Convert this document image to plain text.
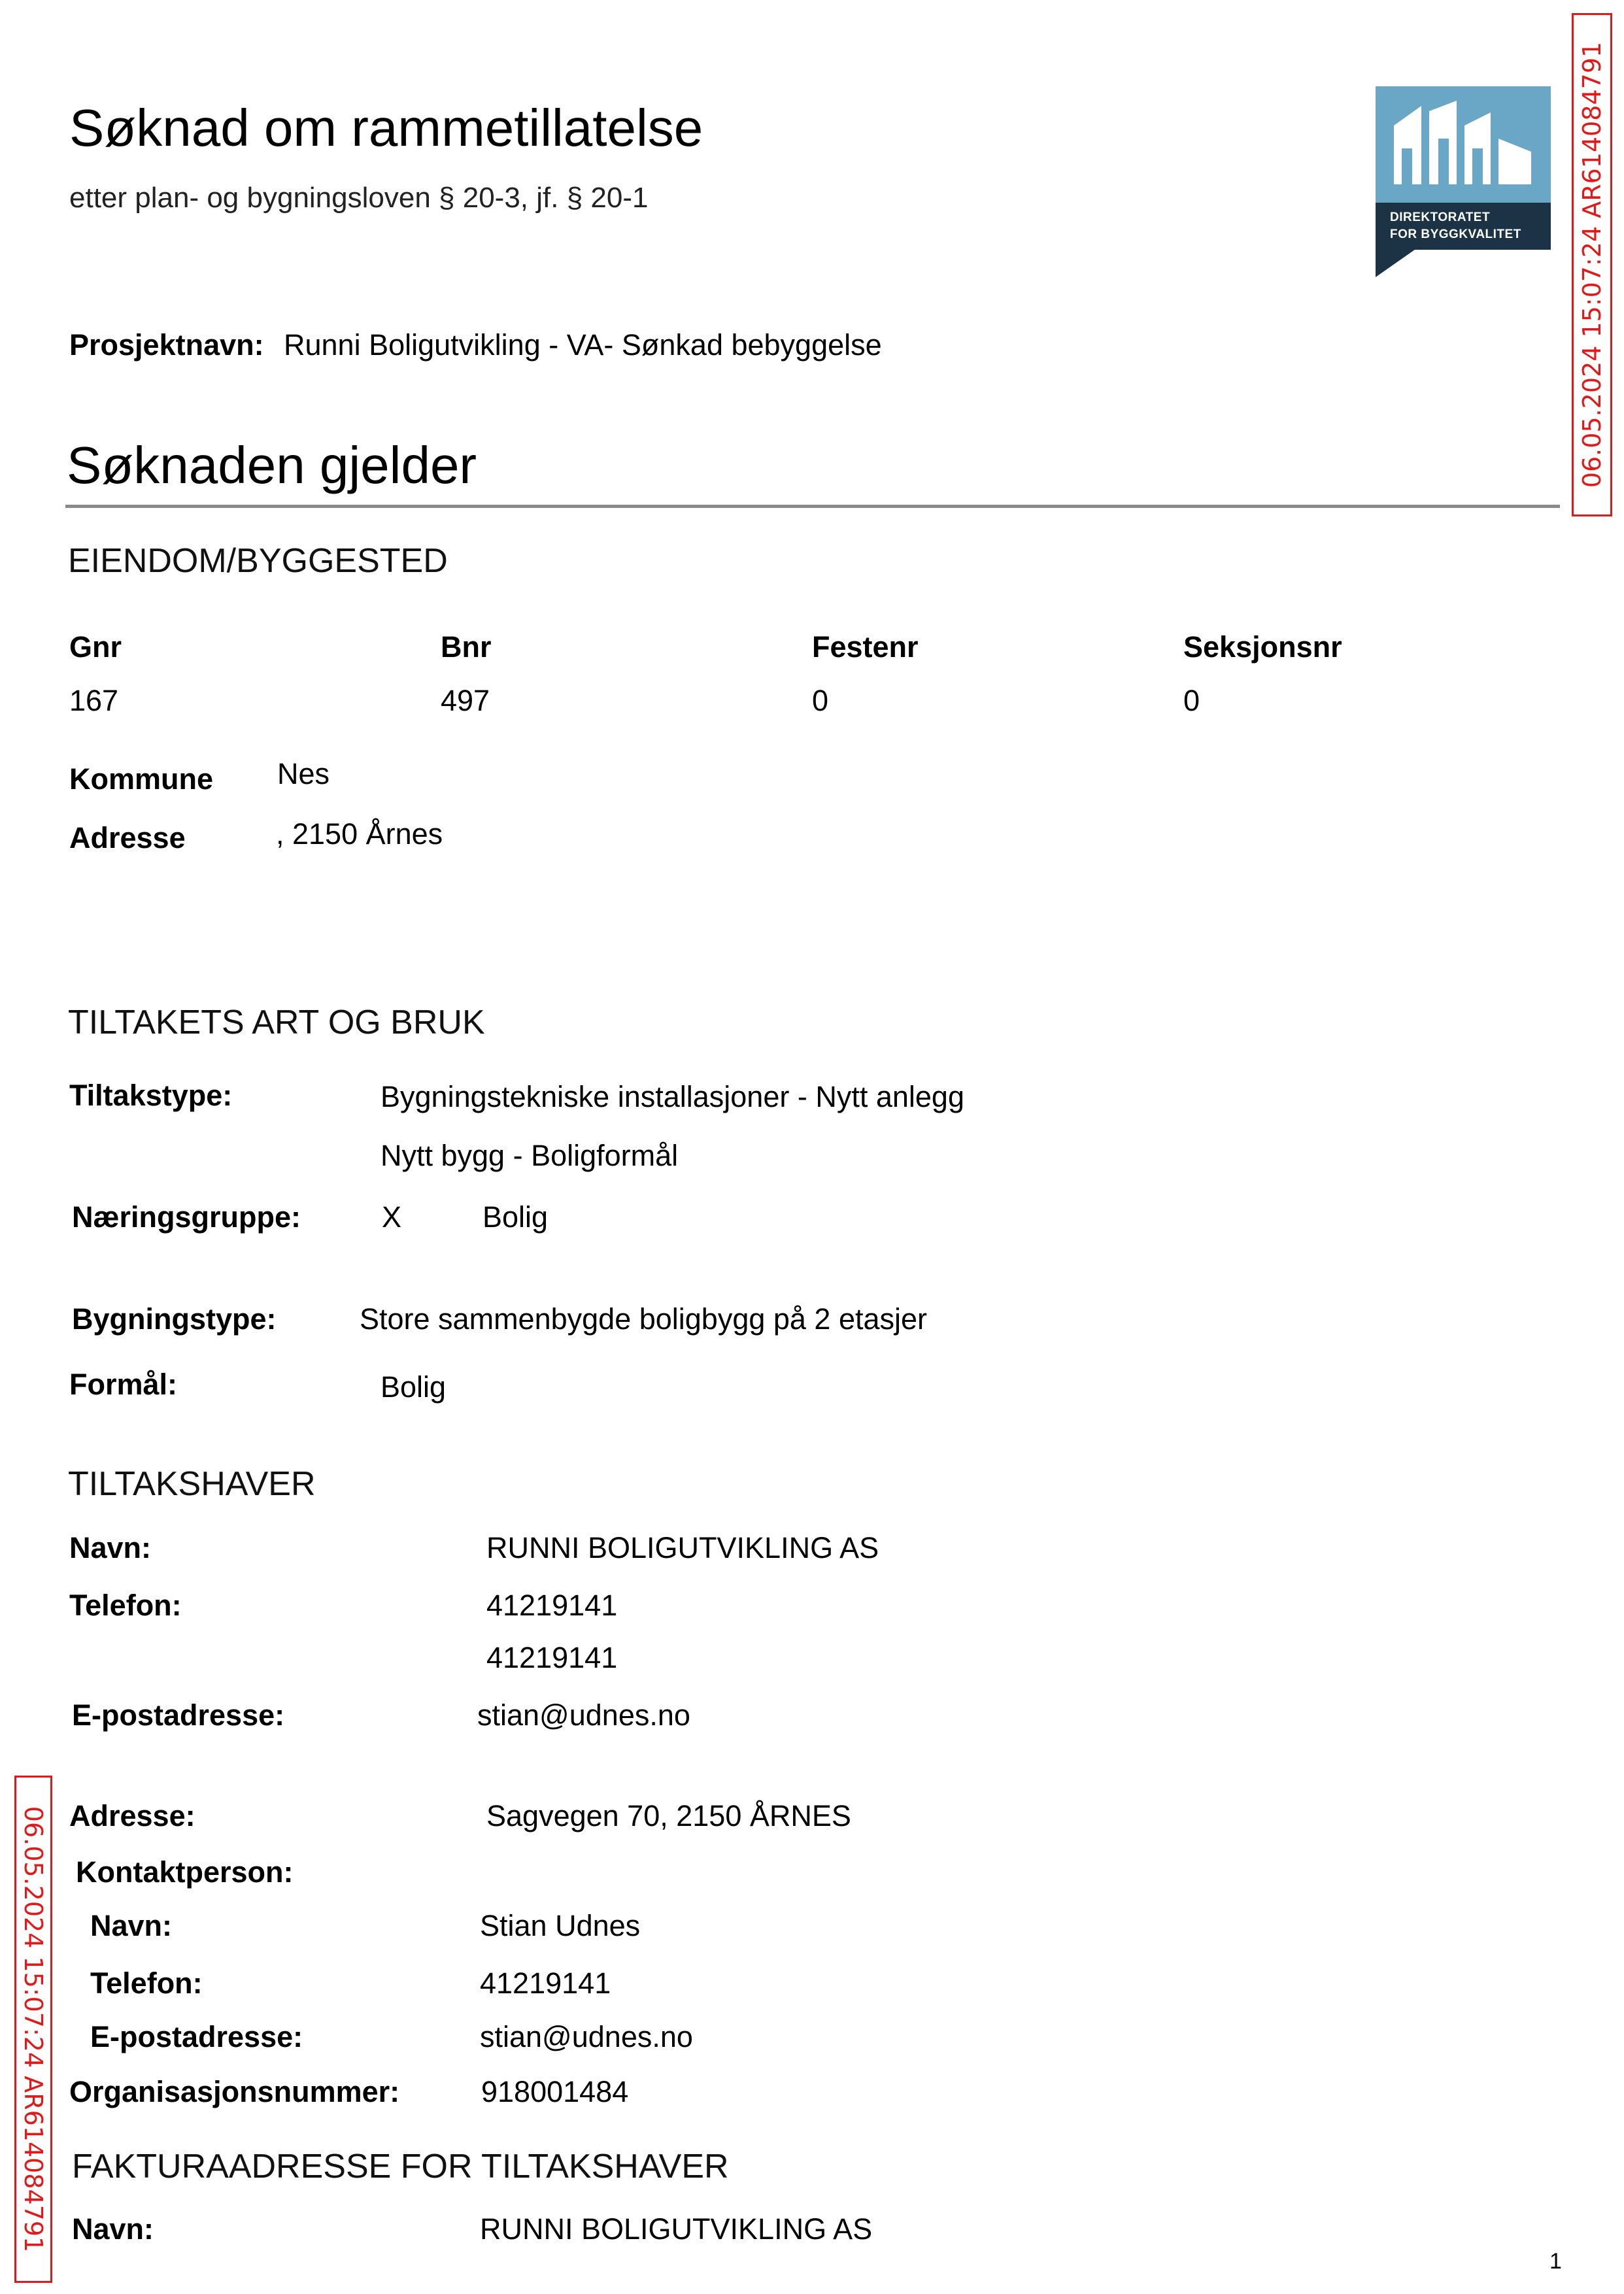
Søknad om rammetillatelse
etter plan- og bygningsloven § 20-3, jf. § 20-1
DIREKTORATET
FOR BYGGKVALITET 06.05.2024 15:07:24 AR614084791
Prosjektnavn: Runni Boligutvikling - VA- Sønkad bebyggelse
Søknaden gjelder
EIENDOM/BYGGESTED
Gnr	Bnr	Festenr	Seksjonsnr
167	497	0	0
Kommune Nes
Adresse	, 2150 Årnes
TILTAKETS ART OG BRUK
Tiltakstype:	Bygningstekniske installasjoner - Nytt anlegg
Nytt bygg - Boligformål
Næringsgruppe:	X	Bolig
Bygningstype:	Store sammenbygde boligbygg på 2 etasjer
Formål:	Bolig
TILTAKSHAVER
Navn:	RUNNI BOLIGUTVIKLING AS
Telefon:	41219141
41219141
E-postadresse:	stian@udnes.no
06.05.2024 15:07:24 AR614084791 Adresse:	Sagvegen 70, 2150 ÅRNES
Kontaktperson:
Navn:	Stian Udnes
Telefon:	41219141
E-postadresse:	stian@udnes.no
Organisasjonsnummer:	918001484
FAKTURAADRESSE FOR TILTAKSHAVER
Navn:	RUNNI BOLIGUTVIKLING AS
1
